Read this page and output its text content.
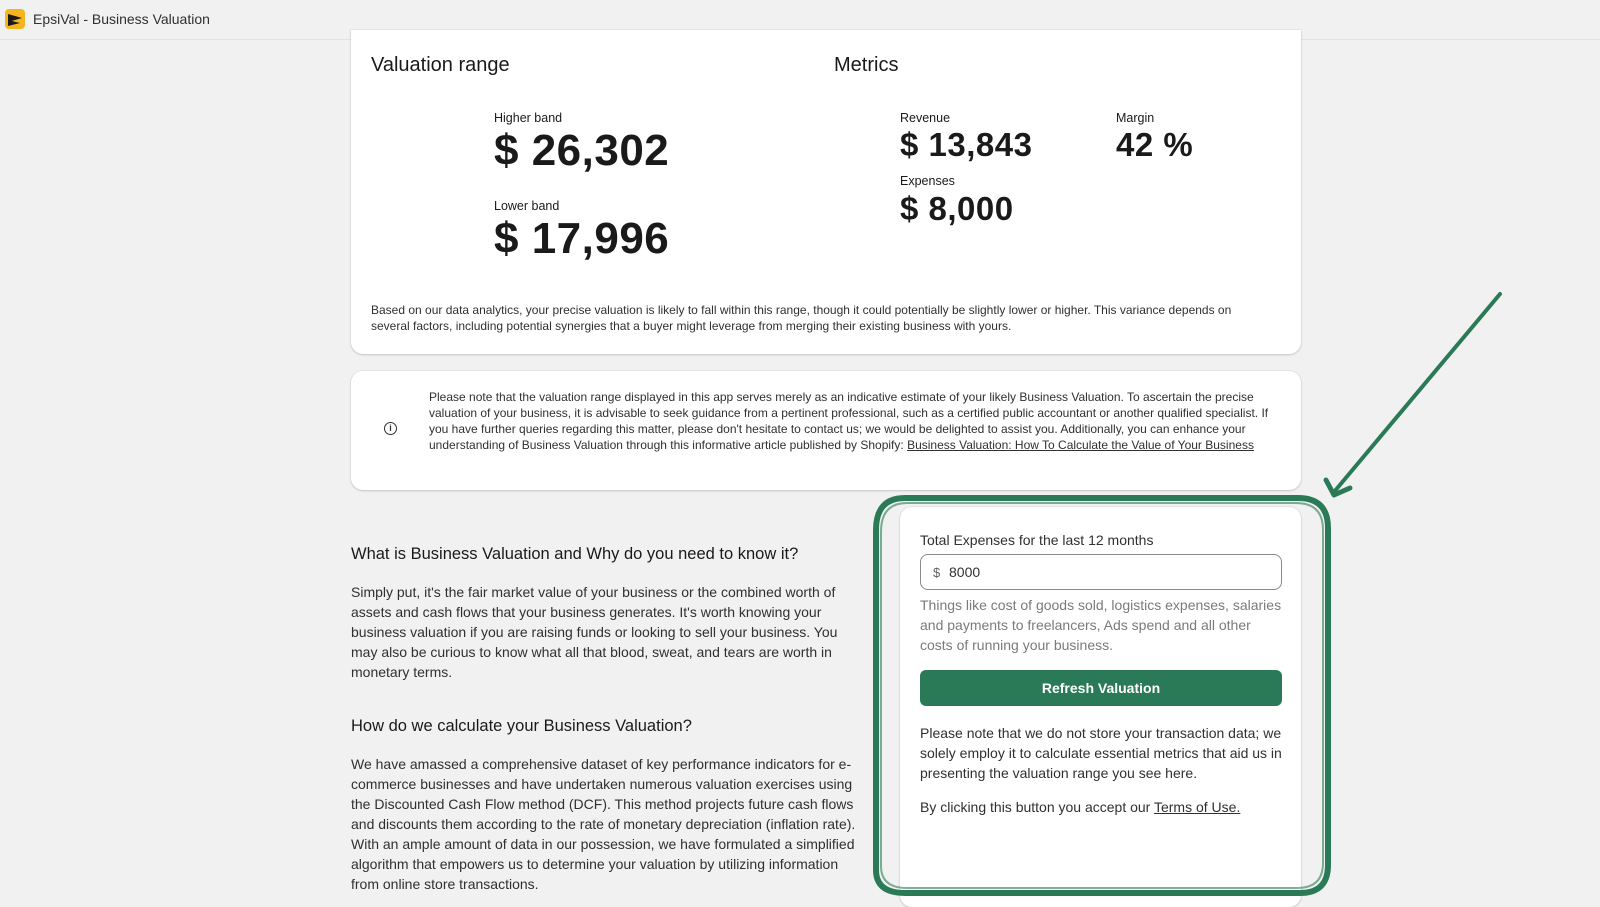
EpsiVal - Business Valuation
Valuation range
Higher band
$ 26,302
Lower band
$ 17,996
Metrics
Revenue
$ 13,843
Margin
42 %
Expenses
$ 8,000
Based on our data analytics, your precise valuation is likely to fall within this range, though it could potentially be slightly lower or higher. This variance depends on several factors, including potential synergies that a buyer might leverage from merging their existing business with yours.
i
Please note that the valuation range displayed in this app serves merely as an indicative estimate of your likely Business Valuation. To ascertain the precise valuation of your business, it is advisable to seek guidance from a pertinent professional, such as a certified public accountant or another qualified specialist. If you have further queries regarding this matter, please don't hesitate to contact us; we would be delighted to assist you. Additionally, you can enhance your understanding of Business Valuation through this informative article published by Shopify: Business Valuation: How To Calculate the Value of Your Business
What is Business Valuation and Why do you need to know it?
Simply put, it's the fair market value of your business or the combined worth of
assets and cash flows that your business generates. It's worth knowing your
business valuation if you are raising funds or looking to sell your business. You
may also be curious to know what all that blood, sweat, and tears are worth in
monetary terms.
How do we calculate your Business Valuation?
We have amassed a comprehensive dataset of key performance indicators for e-
commerce businesses and have undertaken numerous valuation exercises using
the Discounted Cash Flow method (DCF). This method projects future cash flows
and discounts them according to the rate of monetary depreciation (inflation rate).
With an ample amount of data in our possession, we have formulated a simplified
algorithm that empowers us to determine your valuation by utilizing information
from online store transactions.
Total Expenses for the last 12 months
$
8000
Things like cost of goods sold, logistics expenses, salaries and payments to freelancers, Ads spend and all other costs of running your business.
Refresh Valuation
Please note that we do not store your transaction data; we solely employ it to calculate essential metrics that aid us in presenting the valuation range you see here.
By clicking this button you accept our Terms of Use.
